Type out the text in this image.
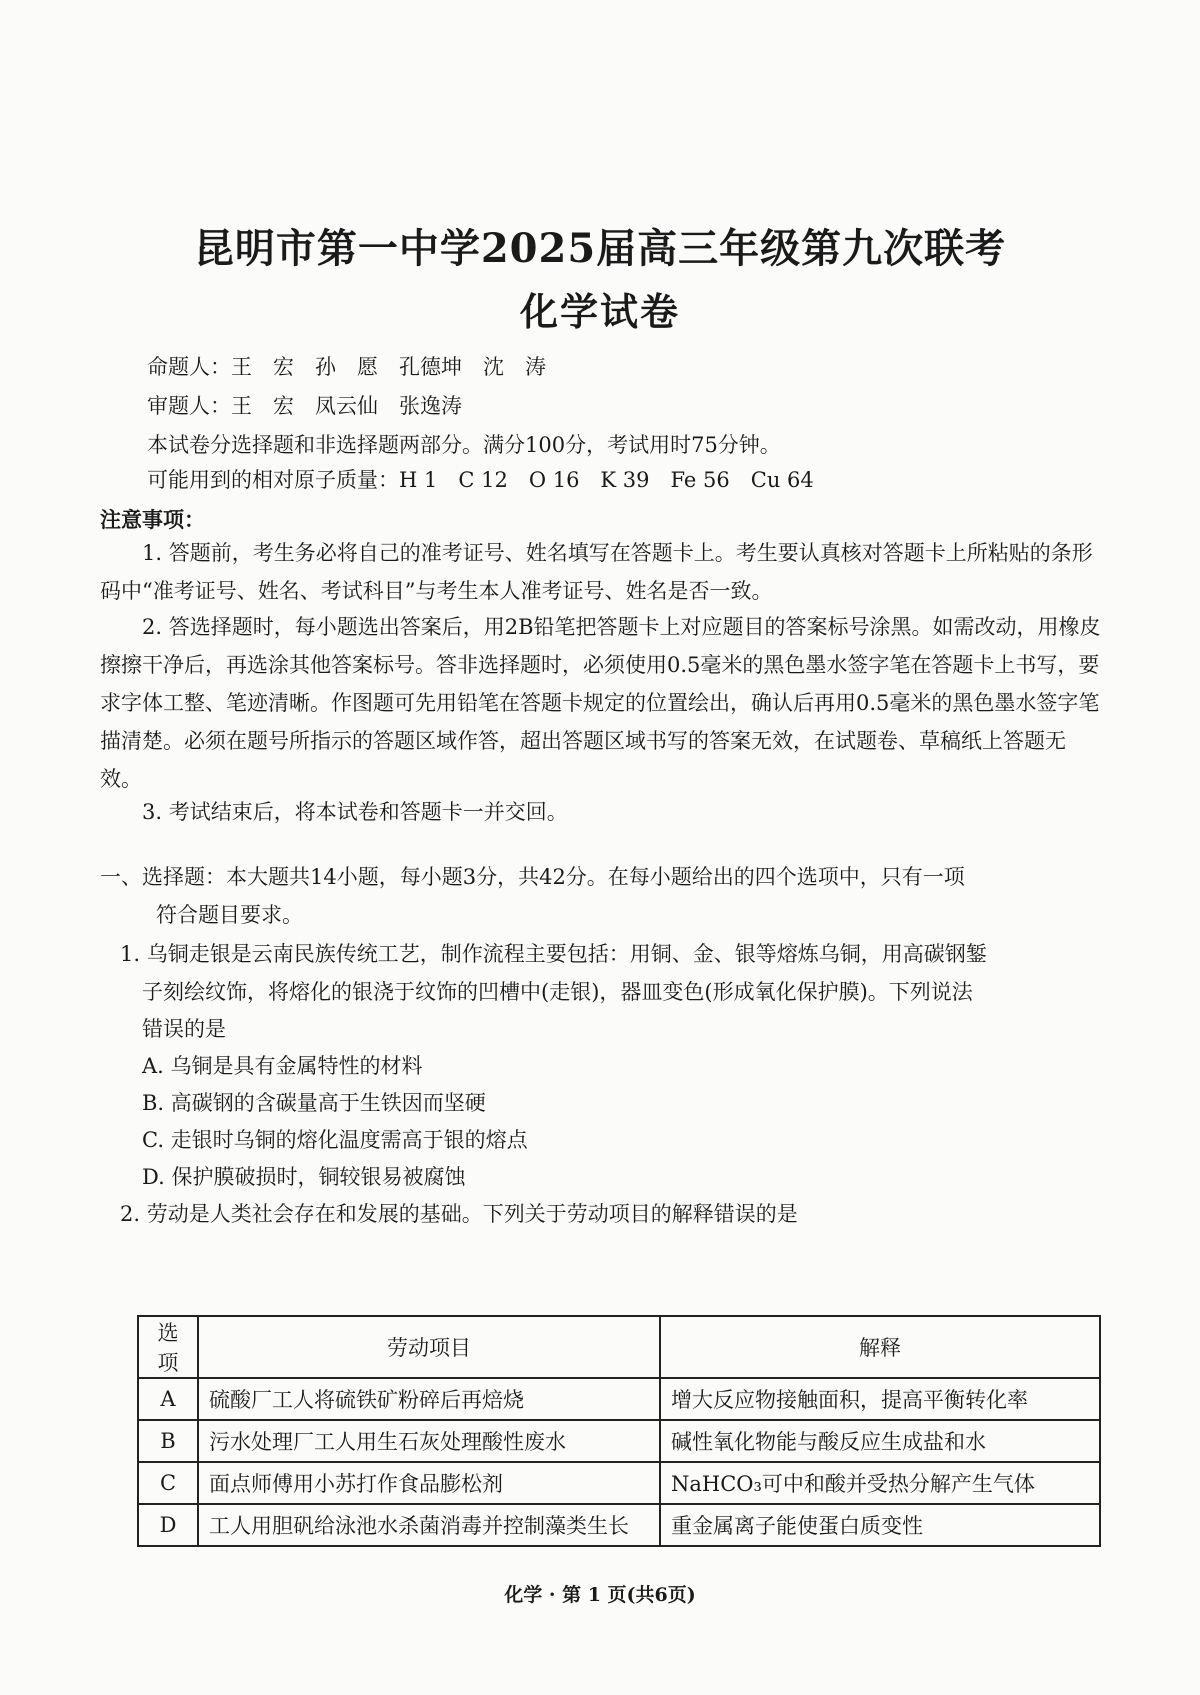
昆明市第一中学2025届高三年级第九次联考
化学试卷
命题人：王　宏　孙　愿　孔德坤　沈　涛
审题人：王　宏　凤云仙　张逸涛
本试卷分选择题和非选择题两部分。满分100分，考试用时75分钟。
可能用到的相对原子质量：H 1　C 12　O 16　K 39　Fe 56　Cu 64
注意事项：
1. 答题前，考生务必将自己的准考证号、姓名填写在答题卡上。考生要认真核对答题卡上所粘贴的条形码中“准考证号、姓名、考试科目”与考生本人准考证号、姓名是否一致。
2. 答选择题时，每小题选出答案后，用2B铅笔把答题卡上对应题目的答案标号涂黑。如需改动，用橡皮擦擦干净后，再选涂其他答案标号。答非选择题时，必须使用0.5毫米的黑色墨水签字笔在答题卡上书写，要求字体工整、笔迹清晰。作图题可先用铅笔在答题卡规定的位置绘出，确认后再用0.5毫米的黑色墨水签字笔描清楚。必须在题号所指示的答题区域作答，超出答题区域书写的答案无效，在试题卷、草稿纸上答题无效。
3. 考试结束后，将本试卷和答题卡一并交回。
一、选择题：本大题共14小题，每小题3分，共42分。在每小题给出的四个选项中，只有一项
符合题目要求。
1. 乌铜走银是云南民族传统工艺，制作流程主要包括：用铜、金、银等熔炼乌铜，用高碳钢錾
子刻绘纹饰，将熔化的银浇于纹饰的凹槽中(走银)，器皿变色(形成氧化保护膜)。下列说法
错误的是
A. 乌铜是具有金属特性的材料
B. 高碳钢的含碳量高于生铁因而坚硬
C. 走银时乌铜的熔化温度需高于银的熔点
D. 保护膜破损时，铜较银易被腐蚀
2. 劳动是人类社会存在和发展的基础。下列关于劳动项目的解释错误的是
选项	劳动项目	解释
A	硫酸厂工人将硫铁矿粉碎后再焙烧	增大反应物接触面积，提高平衡转化率
B	污水处理厂工人用生石灰处理酸性废水	碱性氧化物能与酸反应生成盐和水
C	面点师傅用小苏打作食品膨松剂	NaHCO₃可中和酸并受热分解产生气体
D	工人用胆矾给泳池水杀菌消毒并控制藻类生长	重金属离子能使蛋白质变性
化学 · 第 1 页(共6页)
